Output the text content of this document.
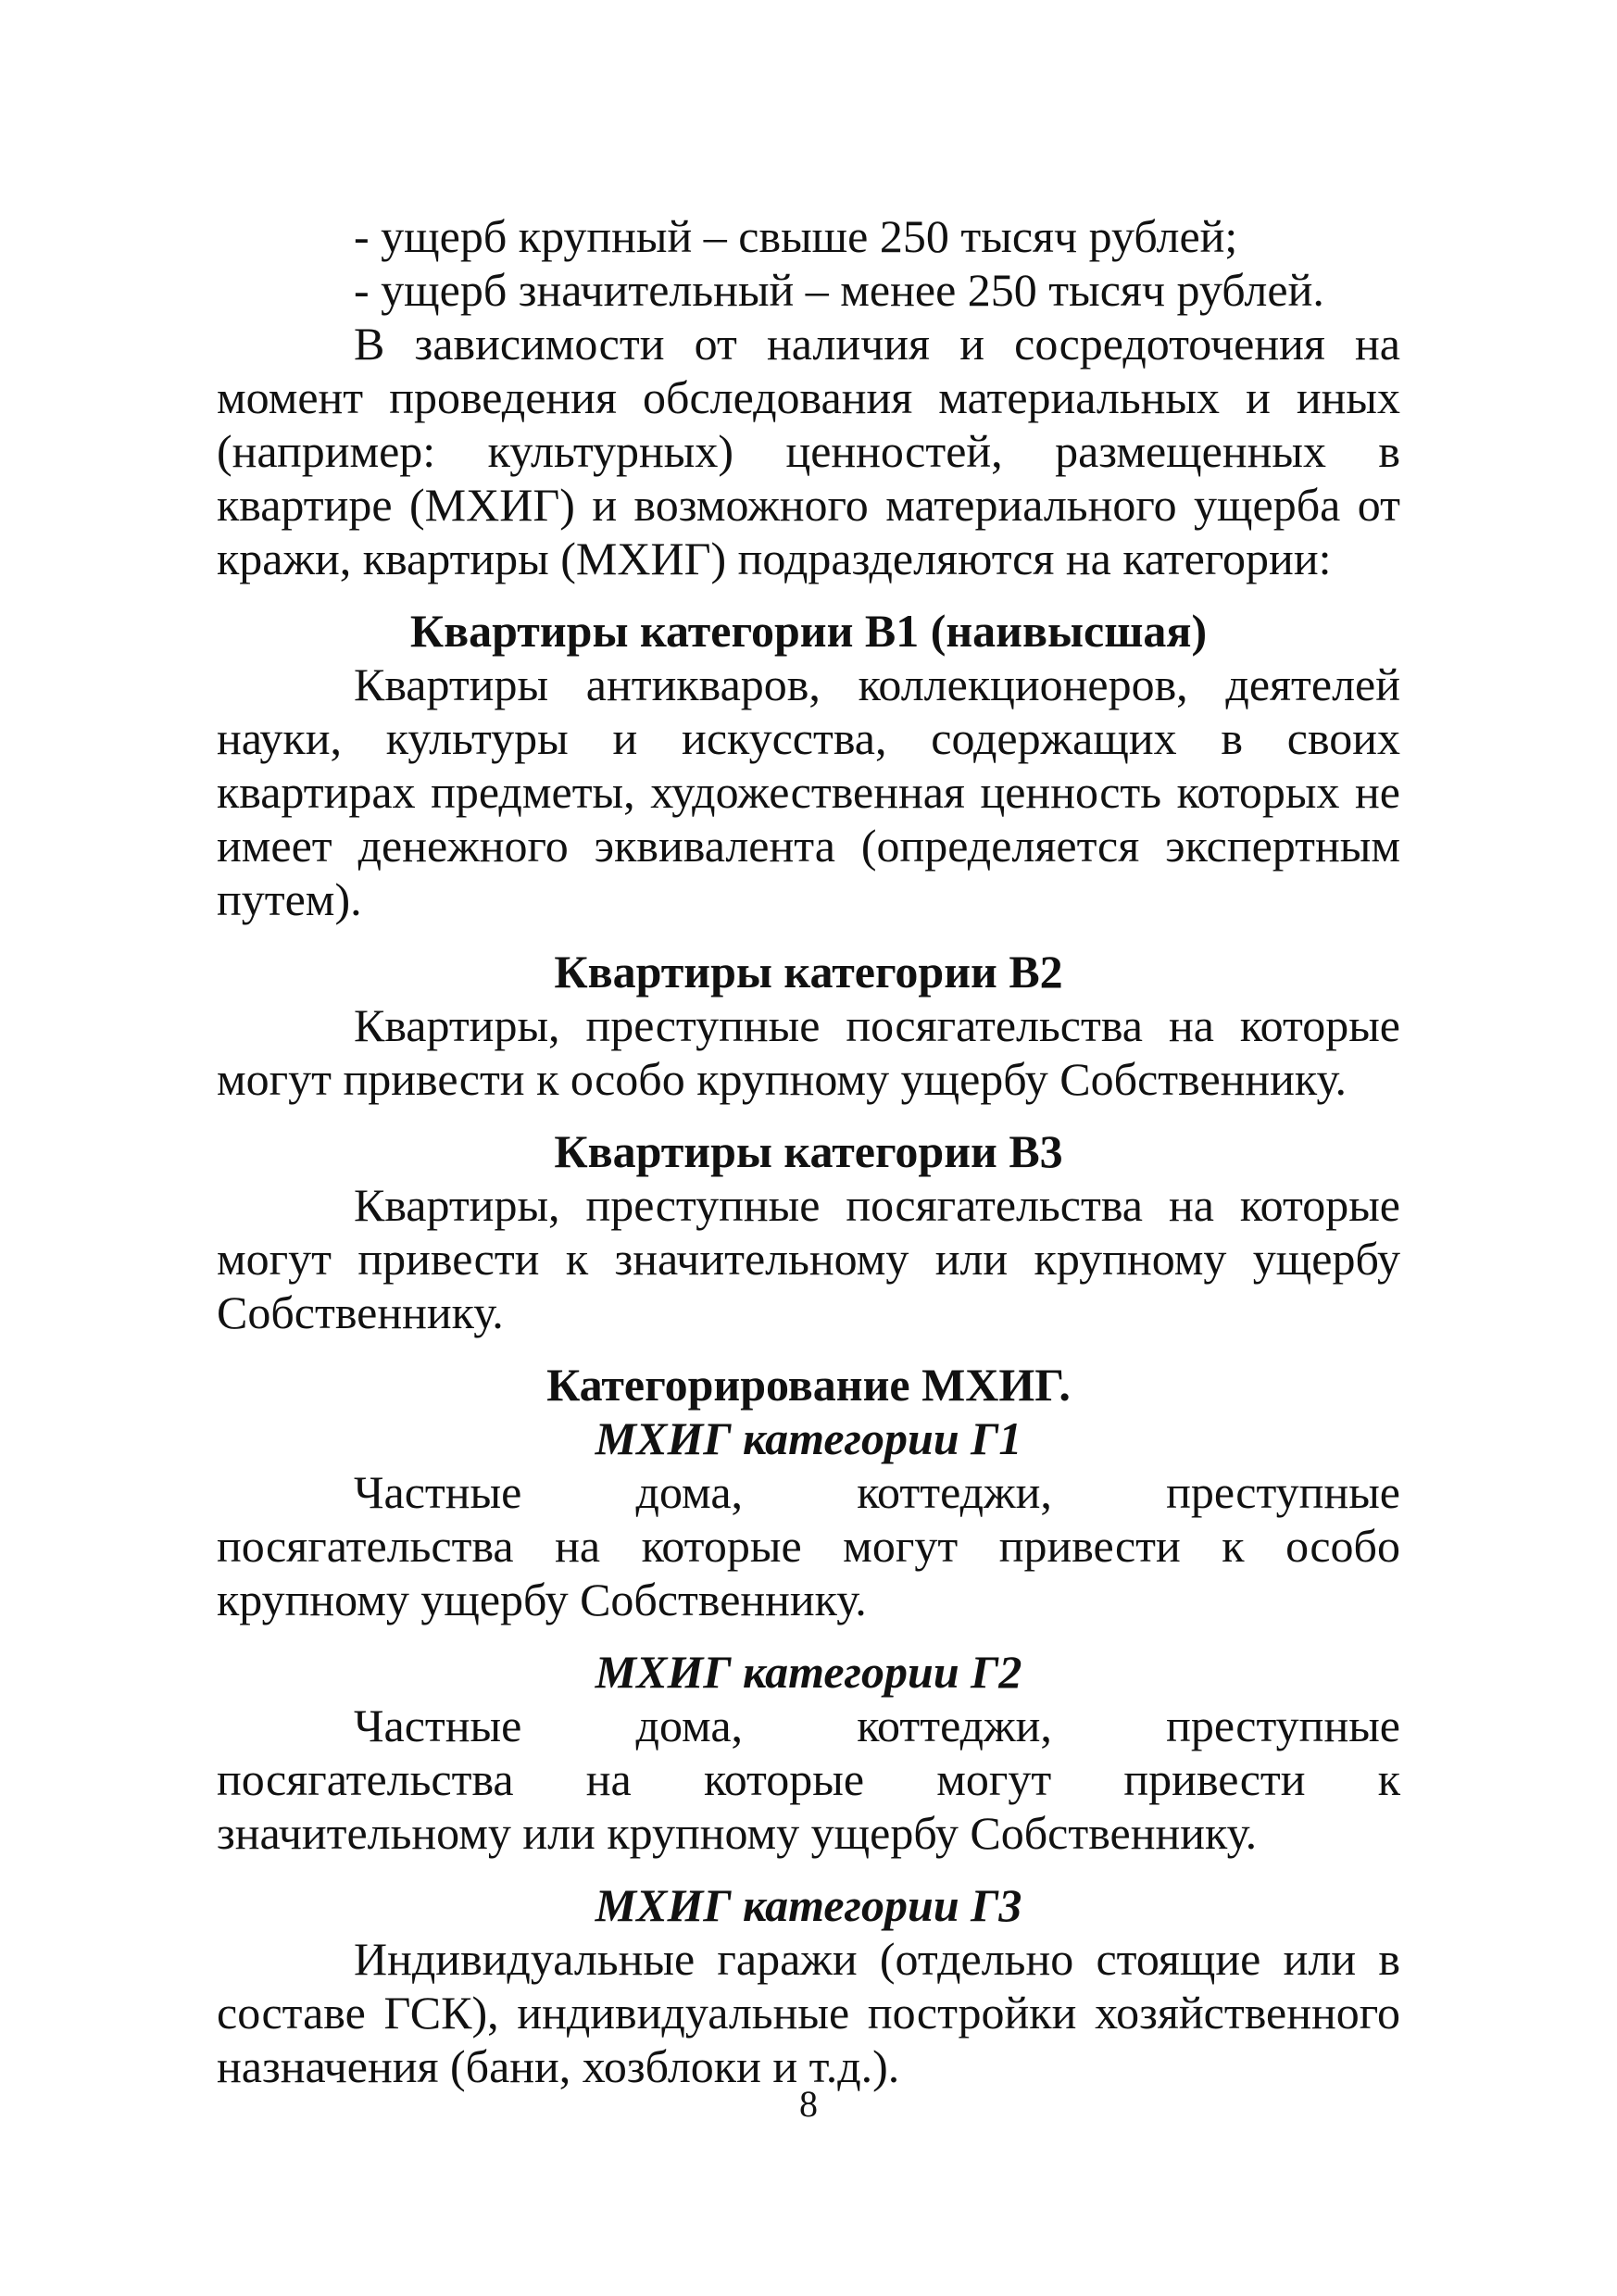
- ущерб крупный – свыше 250 тысяч рублей;

- ущерб значительный – менее 250 тысяч рублей.

В зависимости от наличия и сосредоточения на момент проведения обследования материальных и иных (например: культурных) ценностей, размещенных в квартире (МХИГ) и возможного материального ущерба от кражи, квартиры (МХИГ) подразделяются на категории:

Квартиры категории В1 (наивысшая)

Квартиры антикваров, коллекционеров, деятелей науки, культуры и искусства, содержащих в своих квартирах предметы, художественная ценность которых не имеет денежного эквивалента (определяется экспертным путем).

Квартиры категории В2

Квартиры, преступные посягательства на которые могут привести к особо крупному ущербу Собственнику.

Квартиры категории В3

Квартиры, преступные посягательства на которые могут привести к значительному или крупному ущербу Собственнику.

Категорирование МХИГ.
МХИГ категории Г1

Частные дома, коттеджи, преступные посягательства на которые могут привести к особо крупному ущербу Собственнику.

МХИГ категории Г2

Частные дома, коттеджи, преступные посягательства на которые могут привести к значительному или крупному ущербу Собственнику.

МХИГ категории Г3

Индивидуальные гаражи (отдельно стоящие или в составе ГСК), индивидуальные постройки хозяйственного назначения (бани, хозблоки и т.д.).

8
